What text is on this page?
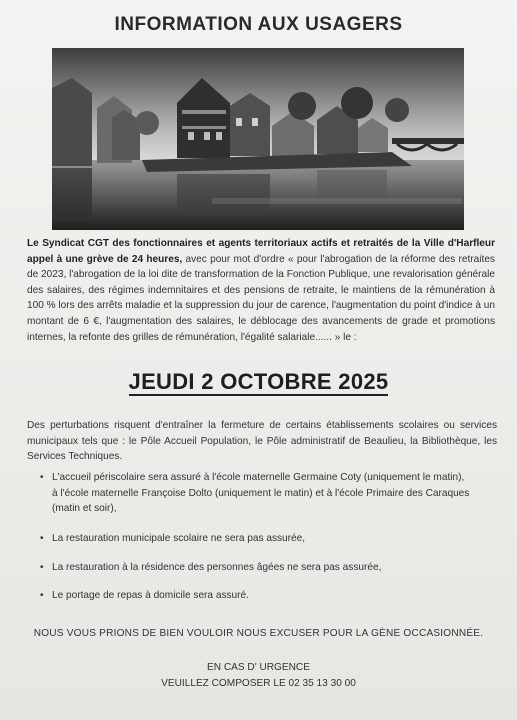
INFORMATION AUX USAGERS
Le Syndicat CGT des fonctionnaires et agents territoriaux actifs et retraités de la Ville d'Harfleur appel à une grève de 24 heures, avec pour mot d'ordre « pour l'abrogation de la réforme des retraites de 2023, l'abrogation de la loi dite de transformation de la Fonction Publique, une revalorisation générale des salaires, des régimes indemnitaires et des pensions de retraite, le maintiens de la rémunération à 100 % lors des arrêts maladie et la suppression du jour de carence, l'augmentation du point d'indice à un montant de 6 €, l'augmentation des salaires, le déblocage des avancements de grade et promotions internes, la refonte des grilles de rémunération, l'égalité salariale...... » le :
JEUDI 2 OCTOBRE 2025
Des perturbations risquent d'entraîner la fermeture de certains établissements scolaires ou services municipaux tels que : le Pôle Accueil Population, le Pôle administratif de Beaulieu, la Bibliothèque, les Services Techniques.
• L'accueil périscolaire sera assuré à l'école maternelle Germaine Coty (uniquement le matin),
à l'école maternelle Françoise Dolto (uniquement le matin) et à l'école Primaire des Caraques
(matin et soir),
• La restauration municipale scolaire ne sera pas assurée,
• La restauration à la résidence des personnes âgées ne sera pas assurée,
• Le portage de repas à domicile sera assuré.
NOUS VOUS PRIONS DE BIEN VOULOIR NOUS EXCUSER POUR LA GÈNE OCCASIONNÉE.
EN CAS D' URGENCE
VEUILLEZ COMPOSER LE 02 35 13 30 00
